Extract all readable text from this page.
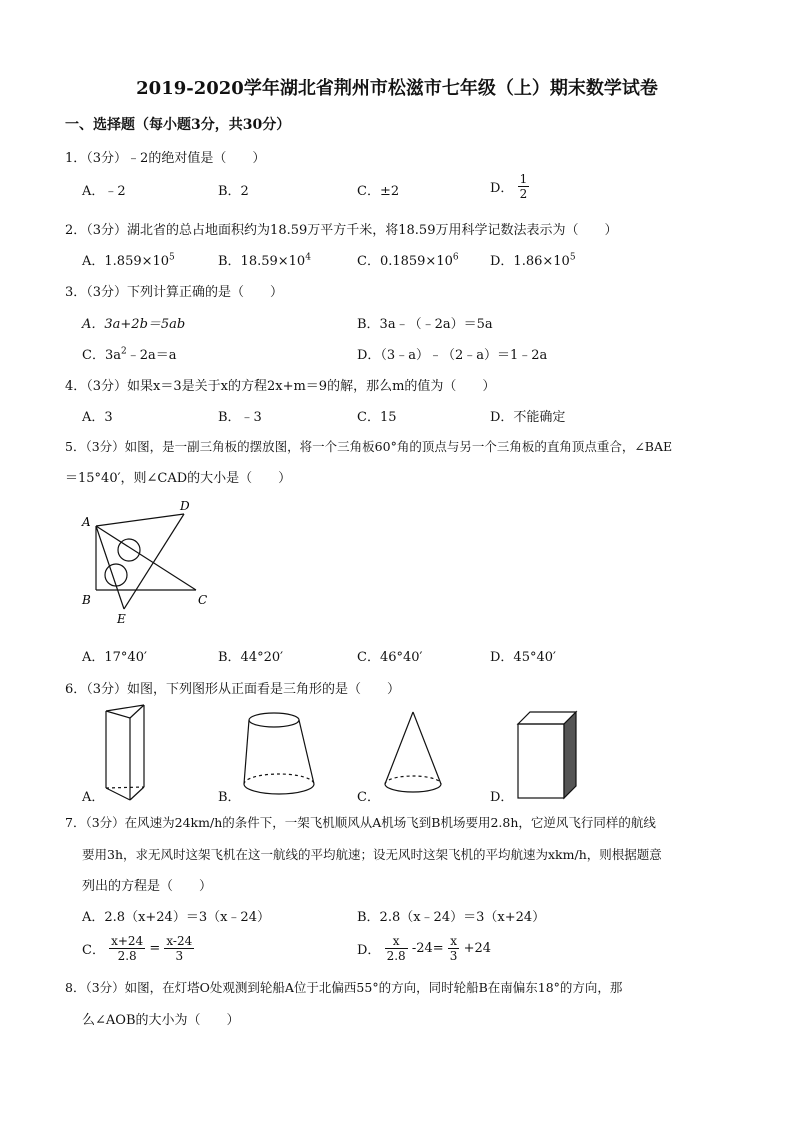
2019-2020学年湖北省荆州市松滋市七年级（上）期末数学试卷
一、选择题（每小题3分，共30分）
1．（3分）﹣2的绝对值是（　　）
A．﹣2	B．2	C．±2	D． $\frac{1}{2}$
2．（3分）湖北省的总占地面积约为18.59万平方千米，将18.59万用科学记数法表示为（　　）
A．$1.859\times 10^5$	B．$18.59\times 10^4$	C．$0.1859\times 10^6$ D．$1.86\times 10^5$
3．（3分）下列计算正确的是（　　）
A．3a+2b＝5ab	B．3a﹣（﹣2a）＝5a
C．$3a^2﹣2a=a$	D．（3﹣a）﹣（2﹣a）＝1﹣2a
4．（3分）如果x＝3是关于x的方程2x+m＝9的解，那么m的值为（　　）
A．3	B．﹣3	C．15	D．不能确定
5．（3分）如图，是一副三角板的摆放图，将一个三角板60°角的顶点与另一个三角板的直角顶点重合，∠BAE
＝15°40′，则∠CAD的大小是（　　）
A
B	C
D
E
A．17°40′	B．44°20′	C．46°40′	D．45°40′
6．（3分）如图，下列图形从正面看是三角形的是（　　）
A．	B．	C．	D．
7．（3分）在风速为24km/h的条件下，一架飞机顺风从A机场飞到B机场要用2.8h，它逆风飞行同样的航线
要用3h，求无风时这架飞机在这一航线的平均航速；设无风时这架飞机的平均航速为xkm/h，则根据题意
列出的方程是（　　）
A．2.8（x+24）＝3（x﹣24）	B．2.8（x﹣24）＝3（x+24）
C． $\frac{x+24}{2.8} = \frac{x-24}{3}$	D． $\frac{x}{2.8} -24= \frac{x}{3} +24$
8．（3分）如图，在灯塔O处观测到轮船A位于北偏西55°的方向，同时轮船B在南偏东18°的方向，那
么∠AOB的大小为（　　）
